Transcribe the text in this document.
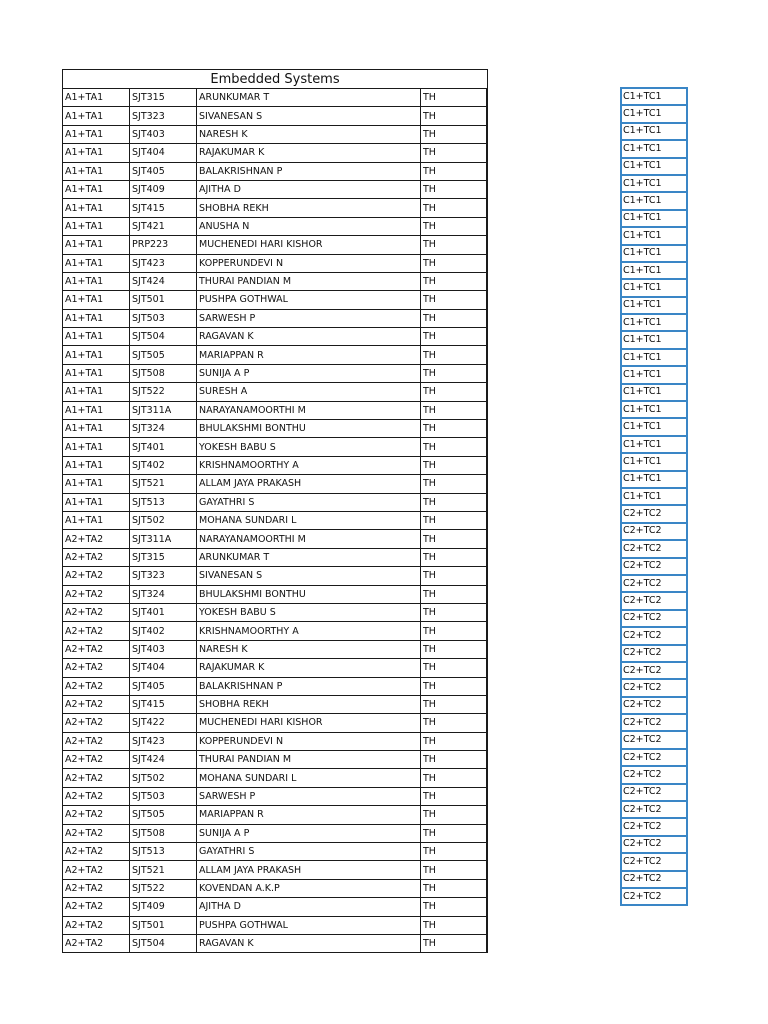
Embedded Systems				
A1+TA1	SJT315	ARUNKUMAR T	TH	
A1+TA1	SJT323	SIVANESAN S	TH	
A1+TA1	SJT403	NARESH K	TH	
A1+TA1	SJT404	RAJAKUMAR K	TH	
A1+TA1	SJT405	BALAKRISHNAN P	TH	
A1+TA1	SJT409	AJITHA D	TH	
A1+TA1	SJT415	SHOBHA REKH	TH	
A1+TA1	SJT421	ANUSHA N	TH	
A1+TA1	PRP223	MUCHENEDI HARI KISHOR	TH	
A1+TA1	SJT423	KOPPERUNDEVI N	TH	
A1+TA1	SJT424	THURAI PANDIAN M	TH	
A1+TA1	SJT501	PUSHPA GOTHWAL	TH	
A1+TA1	SJT503	SARWESH P	TH	
A1+TA1	SJT504	RAGAVAN K	TH	
A1+TA1	SJT505	MARIAPPAN R	TH	
A1+TA1	SJT508	SUNIJA A P	TH	
A1+TA1	SJT522	SURESH A	TH	
A1+TA1	SJT311A	NARAYANAMOORTHI M	TH	
A1+TA1	SJT324	BHULAKSHMI BONTHU	TH	
A1+TA1	SJT401	YOKESH BABU S	TH	
A1+TA1	SJT402	KRISHNAMOORTHY A	TH	
A1+TA1	SJT521	ALLAM JAYA PRAKASH	TH	
A1+TA1	SJT513	GAYATHRI S	TH	
A1+TA1	SJT502	MOHANA SUNDARI L	TH	
A2+TA2	SJT311A	NARAYANAMOORTHI M	TH	
A2+TA2	SJT315	ARUNKUMAR T	TH	
A2+TA2	SJT323	SIVANESAN S	TH	
A2+TA2	SJT324	BHULAKSHMI BONTHU	TH	
A2+TA2	SJT401	YOKESH BABU S	TH	
A2+TA2	SJT402	KRISHNAMOORTHY A	TH	
A2+TA2	SJT403	NARESH K	TH	
A2+TA2	SJT404	RAJAKUMAR K	TH	
A2+TA2	SJT405	BALAKRISHNAN P	TH	
A2+TA2	SJT415	SHOBHA REKH	TH	
A2+TA2	SJT422	MUCHENEDI HARI KISHOR	TH	
A2+TA2	SJT423	KOPPERUNDEVI N	TH	
A2+TA2	SJT424	THURAI PANDIAN M	TH	
A2+TA2	SJT502	MOHANA SUNDARI L	TH	
A2+TA2	SJT503	SARWESH P	TH	
A2+TA2	SJT505	MARIAPPAN R	TH	
A2+TA2	SJT508	SUNIJA A P	TH	
A2+TA2	SJT513	GAYATHRI S	TH	
A2+TA2	SJT521	ALLAM JAYA PRAKASH	TH	
A2+TA2	SJT522	KOVENDAN A.K.P	TH	
A2+TA2	SJT409	AJITHA D	TH	
A2+TA2	SJT501	PUSHPA GOTHWAL	TH	
A2+TA2	SJT504	RAGAVAN K	TH	
C1+TC1
C1+TC1
C1+TC1
C1+TC1
C1+TC1
C1+TC1
C1+TC1
C1+TC1
C1+TC1
C1+TC1
C1+TC1
C1+TC1
C1+TC1
C1+TC1
C1+TC1
C1+TC1
C1+TC1
C1+TC1
C1+TC1
C1+TC1
C1+TC1
C1+TC1
C1+TC1
C1+TC1
C2+TC2
C2+TC2
C2+TC2
C2+TC2
C2+TC2
C2+TC2
C2+TC2
C2+TC2
C2+TC2
C2+TC2
C2+TC2
C2+TC2
C2+TC2
C2+TC2
C2+TC2
C2+TC2
C2+TC2
C2+TC2
C2+TC2
C2+TC2
C2+TC2
C2+TC2
C2+TC2
